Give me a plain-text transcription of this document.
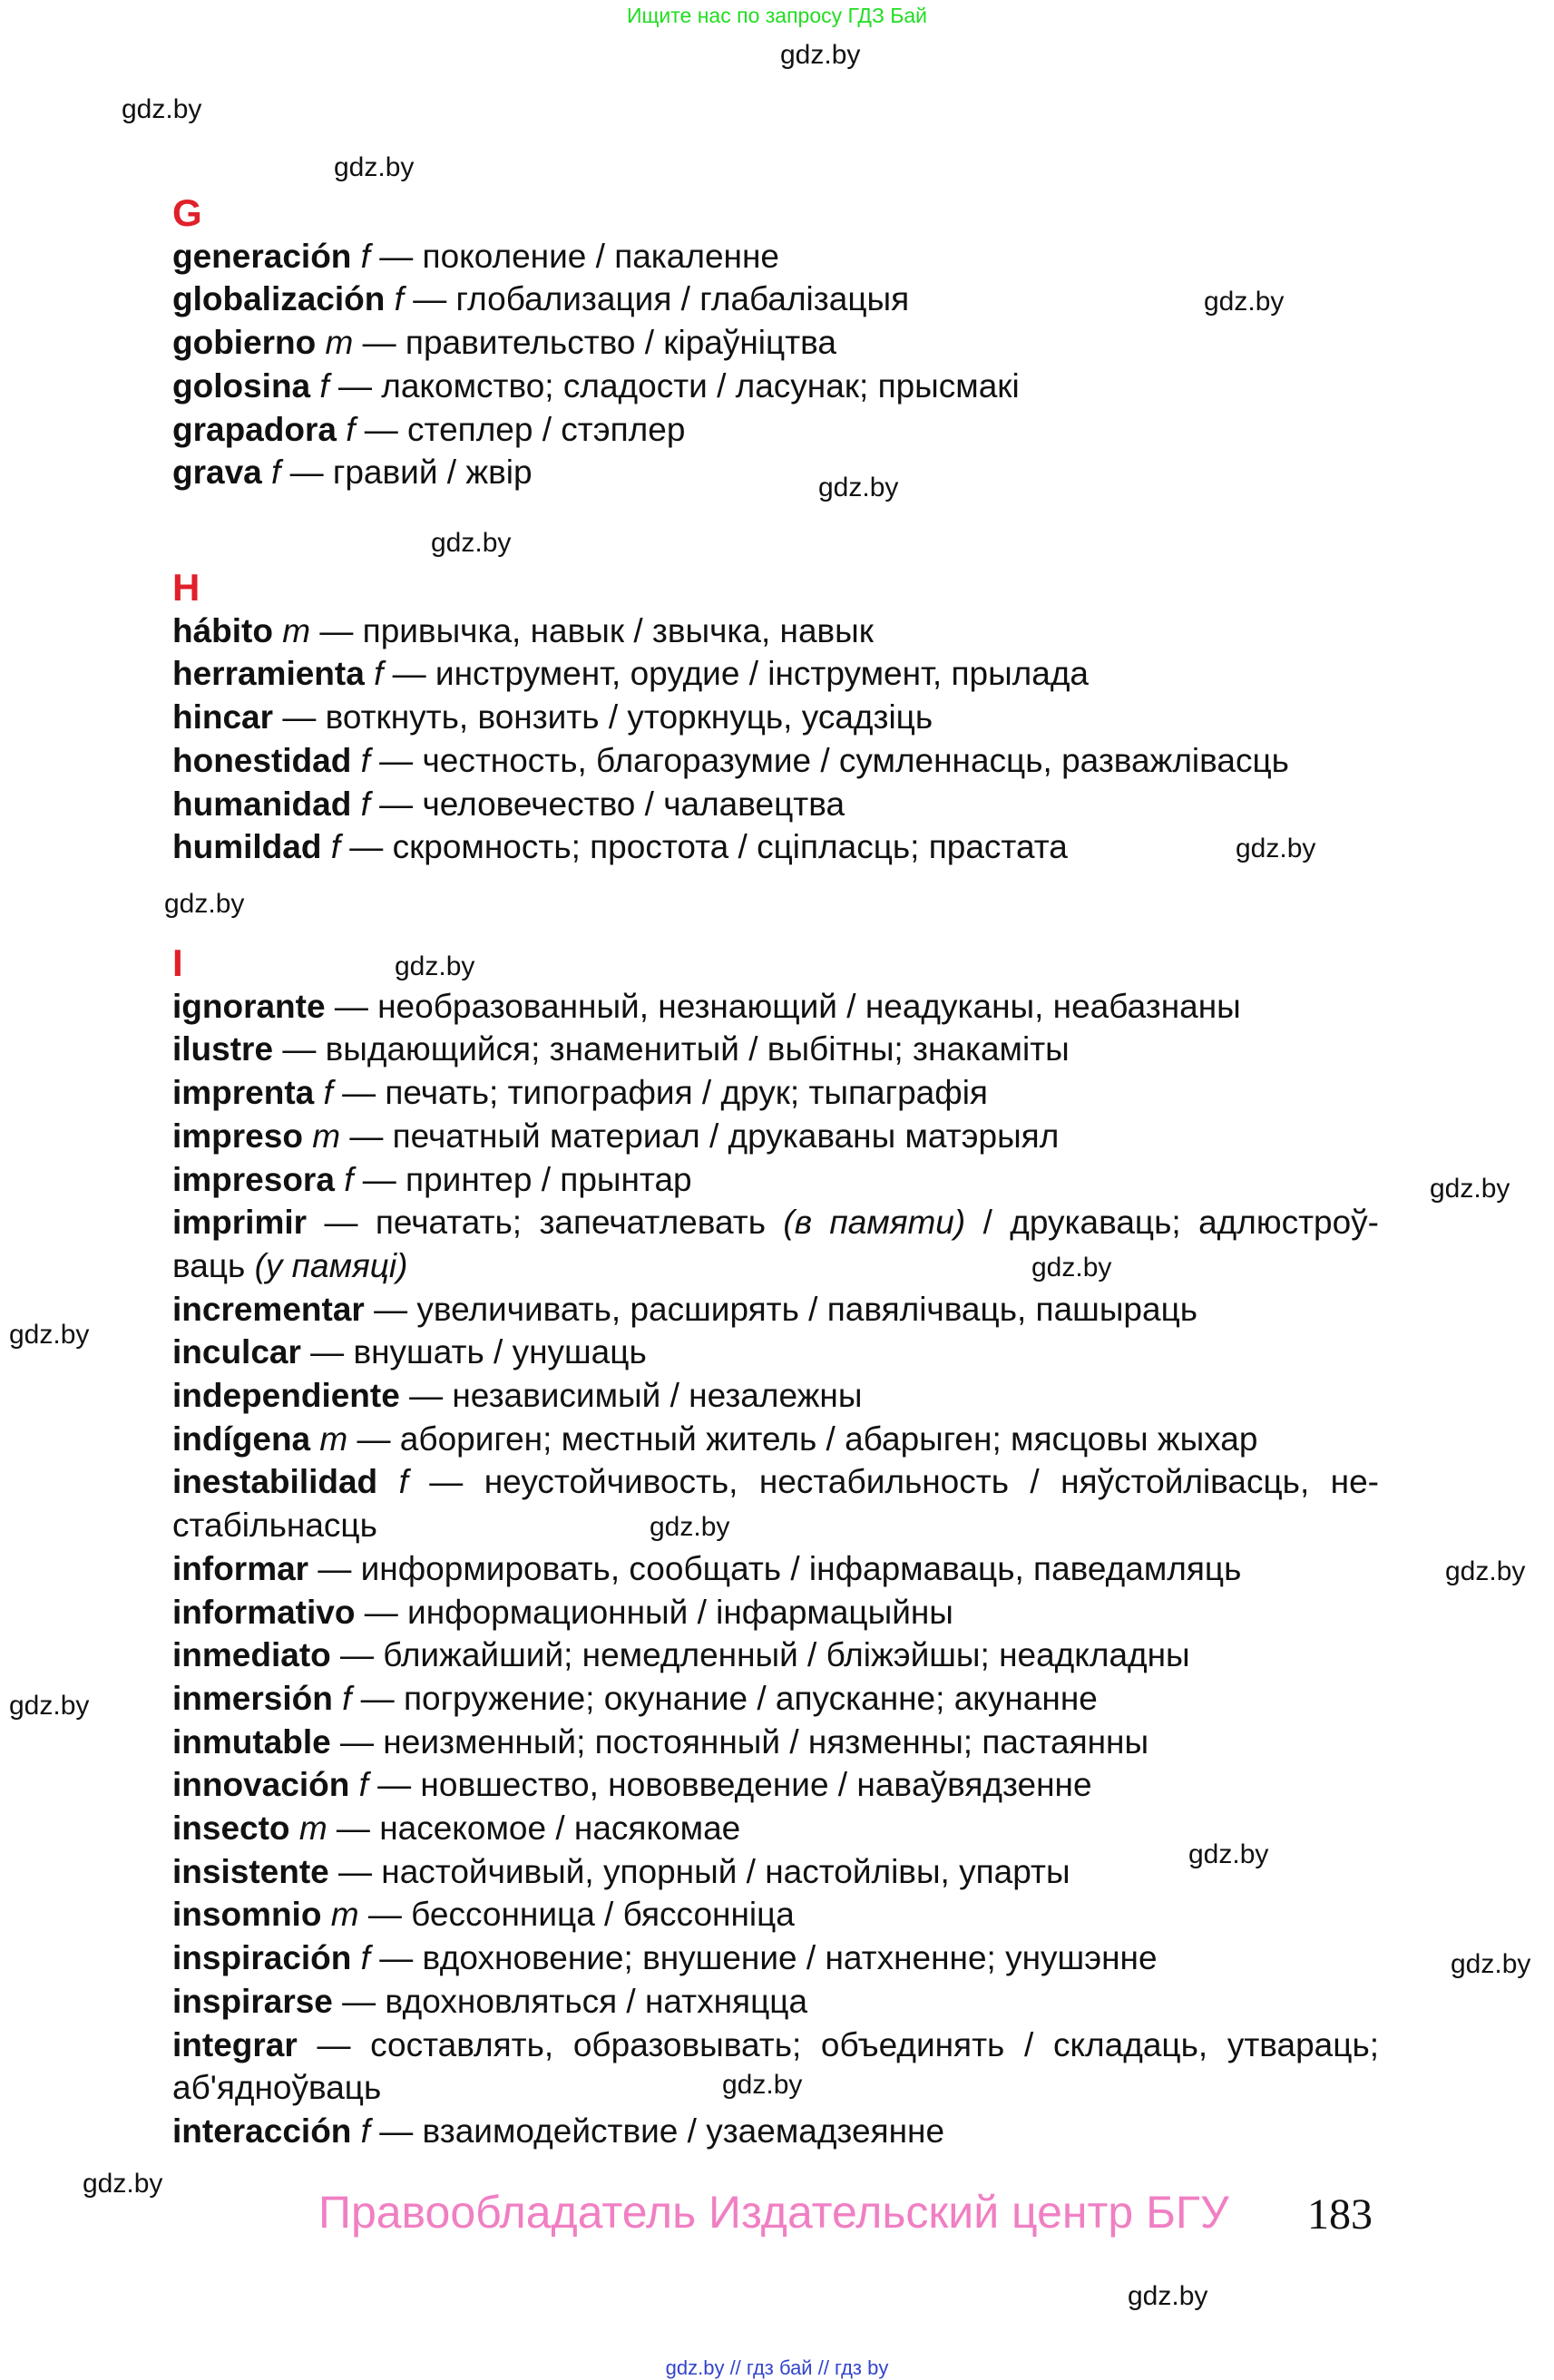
Ищите нас по запросу ГДЗ Бай
gdz.by
gdz.by
gdz.by
gdz.by
gdz.by
gdz.by
gdz.by
gdz.by
gdz.by
gdz.by
gdz.by
gdz.by
gdz.by
gdz.by
gdz.by
gdz.by
gdz.by
gdz.by
gdz.by
gdz.by
G
generación f — поколение / пакаленне
globalización f — глобализация / глабалізацыя
gobierno m — правительство / кіраўніцтва
golosina f — лакомство; сладости / ласунак; прысмакі
grapadora f — степлер / стэплер
grava f — гравий / жвір
H
hábito m — привычка, навык / звычка, навык
herramienta f — инструмент, орудие / інструмент, прылада
hincar — воткнуть, вонзить / уторкнуць, усадзіць
honestidad f — честность, благоразумие / сумленнасць, разважлівасць
humanidad f — человечество / чалавецтва
humildad f — скромность; простота / сціпласць; прастата
I
ignorante — необразованный, незнающий / неадуканы, неабазнаны
ilustre — выдающийся; знаменитый / выбітны; знакаміты
imprenta f — печать; типография / друк; тыпаграфія
impreso m — печатный материал / друкаваны матэрыял
impresora f — принтер / прынтар
imprimir — печатать; запечатлевать (в памяти) / друкаваць; адлюстроў-
ваць (у памяці)
incrementar — увеличивать, расширять / павялічваць, пашыраць
inculcar — внушать / унушаць
independiente — независимый / незалежны
indígena m — абориген; местный житель / абарыген; мясцовы жыхар
inestabilidad f — неустойчивость, нестабильность / няўстойлівасць, не-
стабільнасць
informar — информировать, сообщать / інфармаваць, паведамляць
informativo — информационный / інфармацыйны
inmediato — ближайший; немедленный / бліжэйшы; неадкладны
inmersión f — погружение; окунание / апусканне; акунанне
inmutable — неизменный; постоянный / нязменны; пастаянны
innovación f — новшество, нововведение / навaўвядзенне
insecto m — насекомое / насякомае
insistente — настойчивый, упорный / настойлівы, упарты
insomnio m — бессонница / бяссонніца
inspiración f — вдохновение; внушение / натхненне; унушэнне
inspirarse — вдохновляться / натхняцца
integrar — составлять, образовывать; объединять / складаць, утвараць;
аб'ядноўваць
interacción f — взаимодействие / узаемадзеянне
Правообладатель Издательский центр БГУ 183
gdz.by // гдз бай // гдз by
